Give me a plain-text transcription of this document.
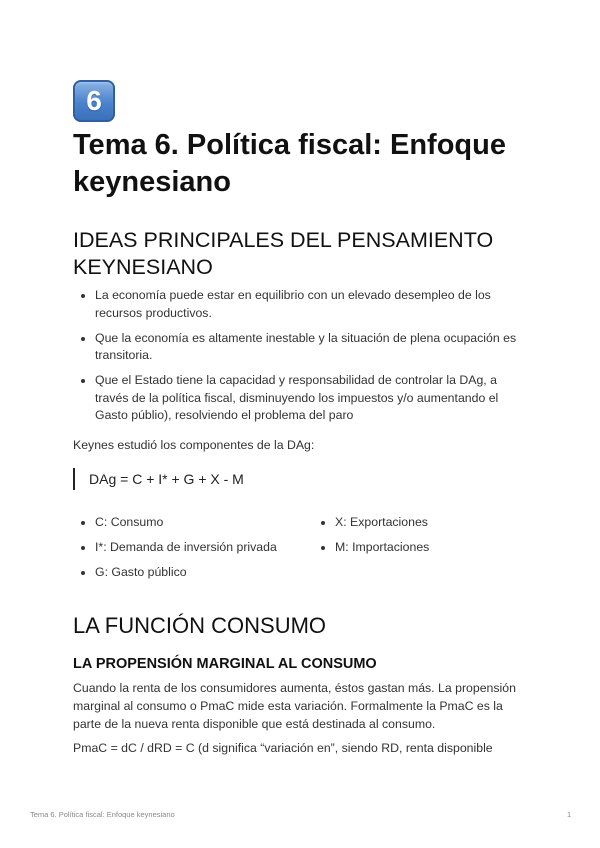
6
Tema 6. Política fiscal: Enfoque keynesiano
IDEAS PRINCIPALES DEL PENSAMIENTO KEYNESIANO
La economía puede estar en equilibrio con un elevado desempleo de los recursos productivos.
Que la economía es altamente inestable y la situación de plena ocupación es transitoria.
Que el Estado tiene la capacidad y responsabilidad de controlar la DAg, a través de la política fiscal, disminuyendo los impuestos y/o aumentando el Gasto públio), resolviendo el problema del paro

Keynes estudió los componentes de la DAg:

DAg = C + I* + G + X - M
C: Consumo
I*: Demanda de inversión privada
G: Gasto público
X: Exportaciones
M: Importaciones
LA FUNCIÓN CONSUMO
LA PROPENSIÓN MARGINAL AL CONSUMO

Cuando la renta de los consumidores aumenta, éstos gastan más. La propensión marginal al consumo o PmaC mide esta variación. Formalmente la PmaC es la parte de la nueva renta disponible que está destinada al consumo.

PmaC = dC / dRD = C (d significa “variación en”, siendo RD, renta disponible

Tema 6. Política fiscal: Enfoque keynesiano	1
